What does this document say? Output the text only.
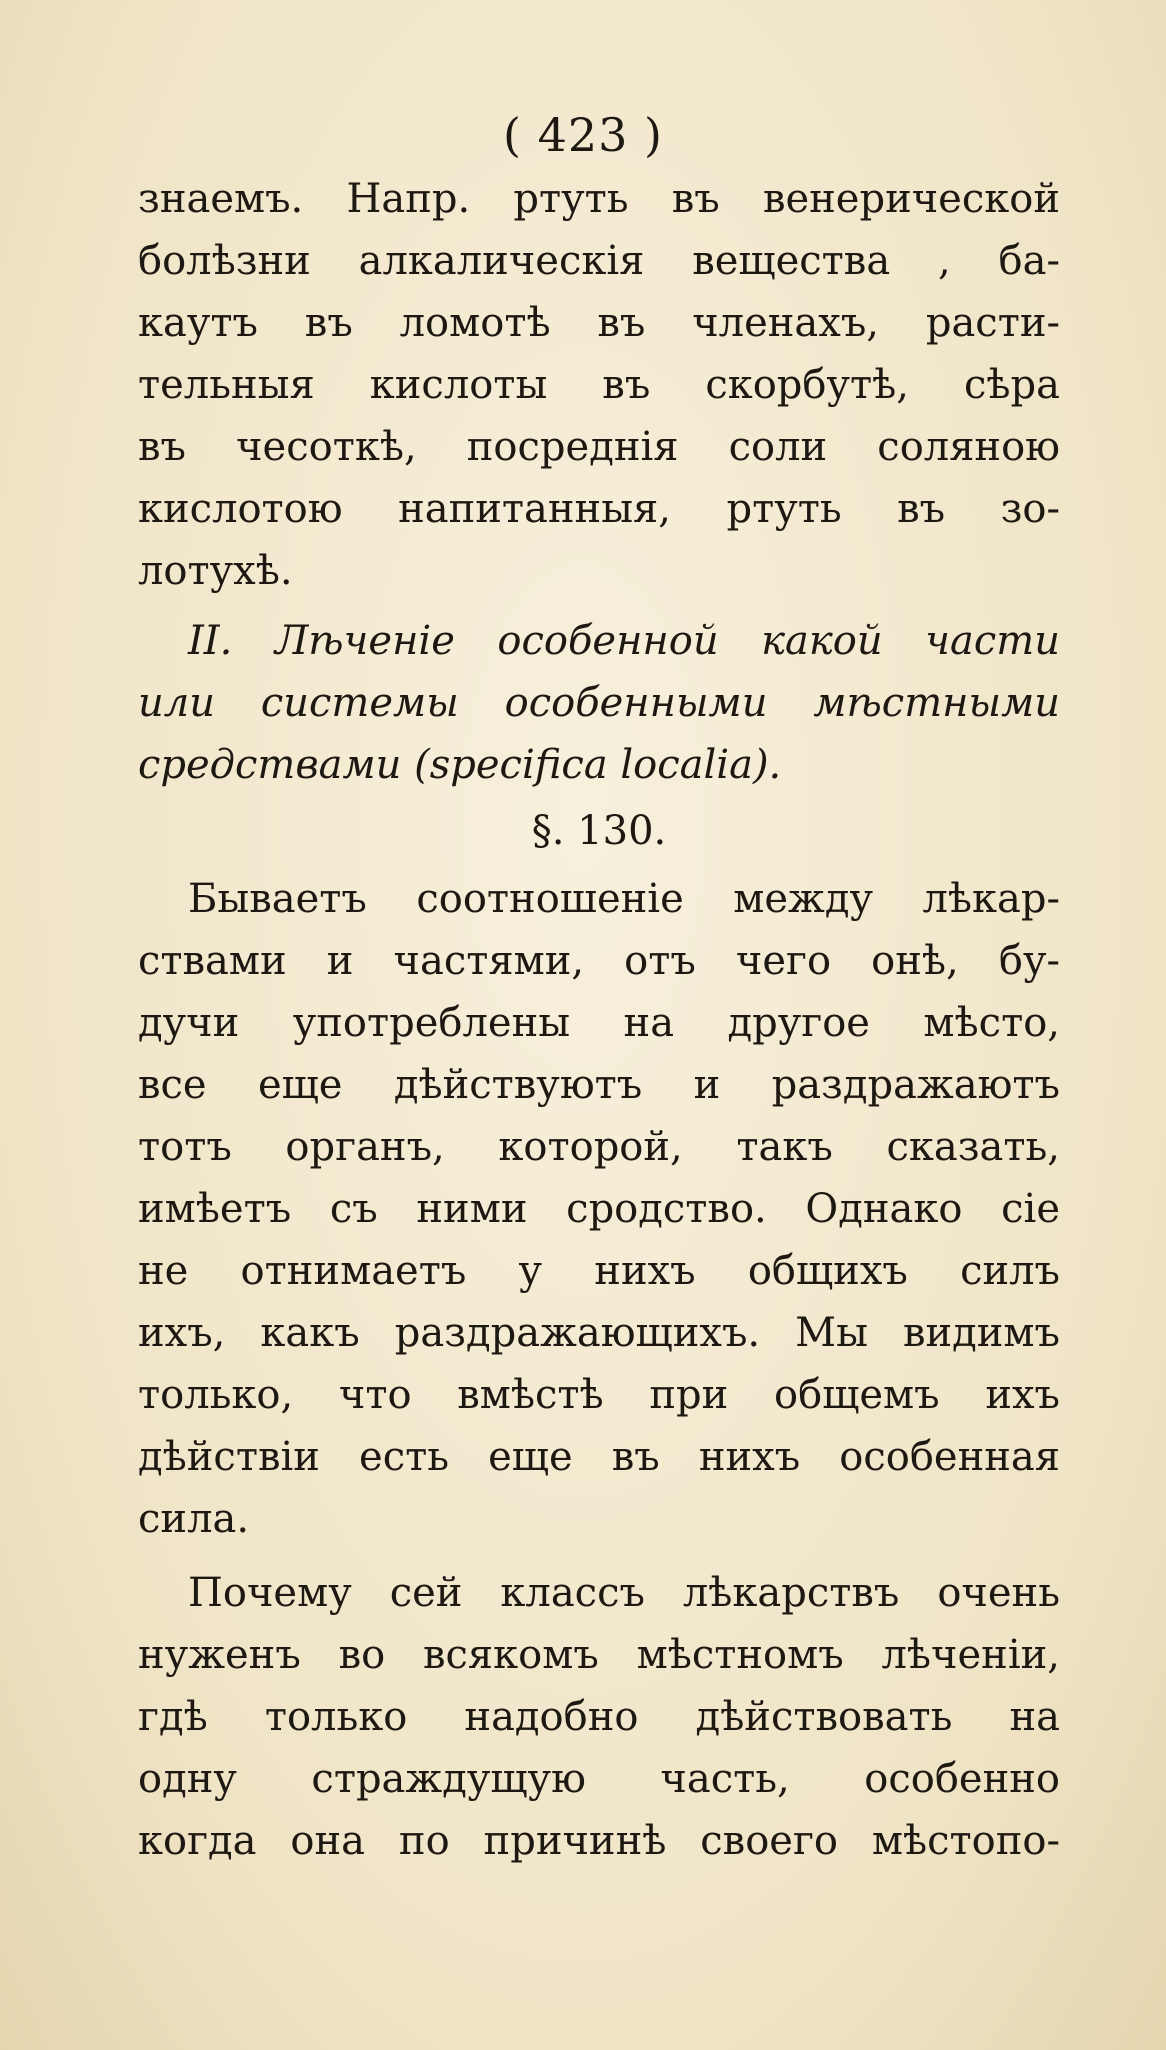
( 423 )
знаемъ. Напр. ртуть въ венерической
болѣзни алкалическія вещества , ба-
каутъ въ ломотѣ въ членахъ, расти-
тельныя кислоты въ скорбутѣ, сѣра
въ чесоткѣ, посреднія соли соляною
кислотою напитанныя, ртуть въ зо-
лотухѣ.
II. Лѣченіе особенной какой части
или системы особенными мѣстными
средствами (specifica localia).
§. 130.
Бываетъ соотношеніе между лѣкар-
ствами и частями, отъ чего онѣ, бу-
дучи употреблены на другое мѣсто,
все еще дѣйствуютъ и раздражаютъ
тотъ органъ, которой, такъ сказать,
имѣетъ съ ними сродство. Однако сіе
не отнимаетъ у нихъ общихъ силъ
ихъ, какъ раздражающихъ. Мы видимъ
только, что вмѣстѣ при общемъ ихъ
дѣйствіи есть еще въ нихъ особенная
сила.
Почему сей классъ лѣкарствъ очень
нуженъ во всякомъ мѣстномъ лѣченіи,
гдѣ только надобно дѣйствовать на
одну страждущую часть, особенно
когда она по причинѣ своего мѣстопо-
